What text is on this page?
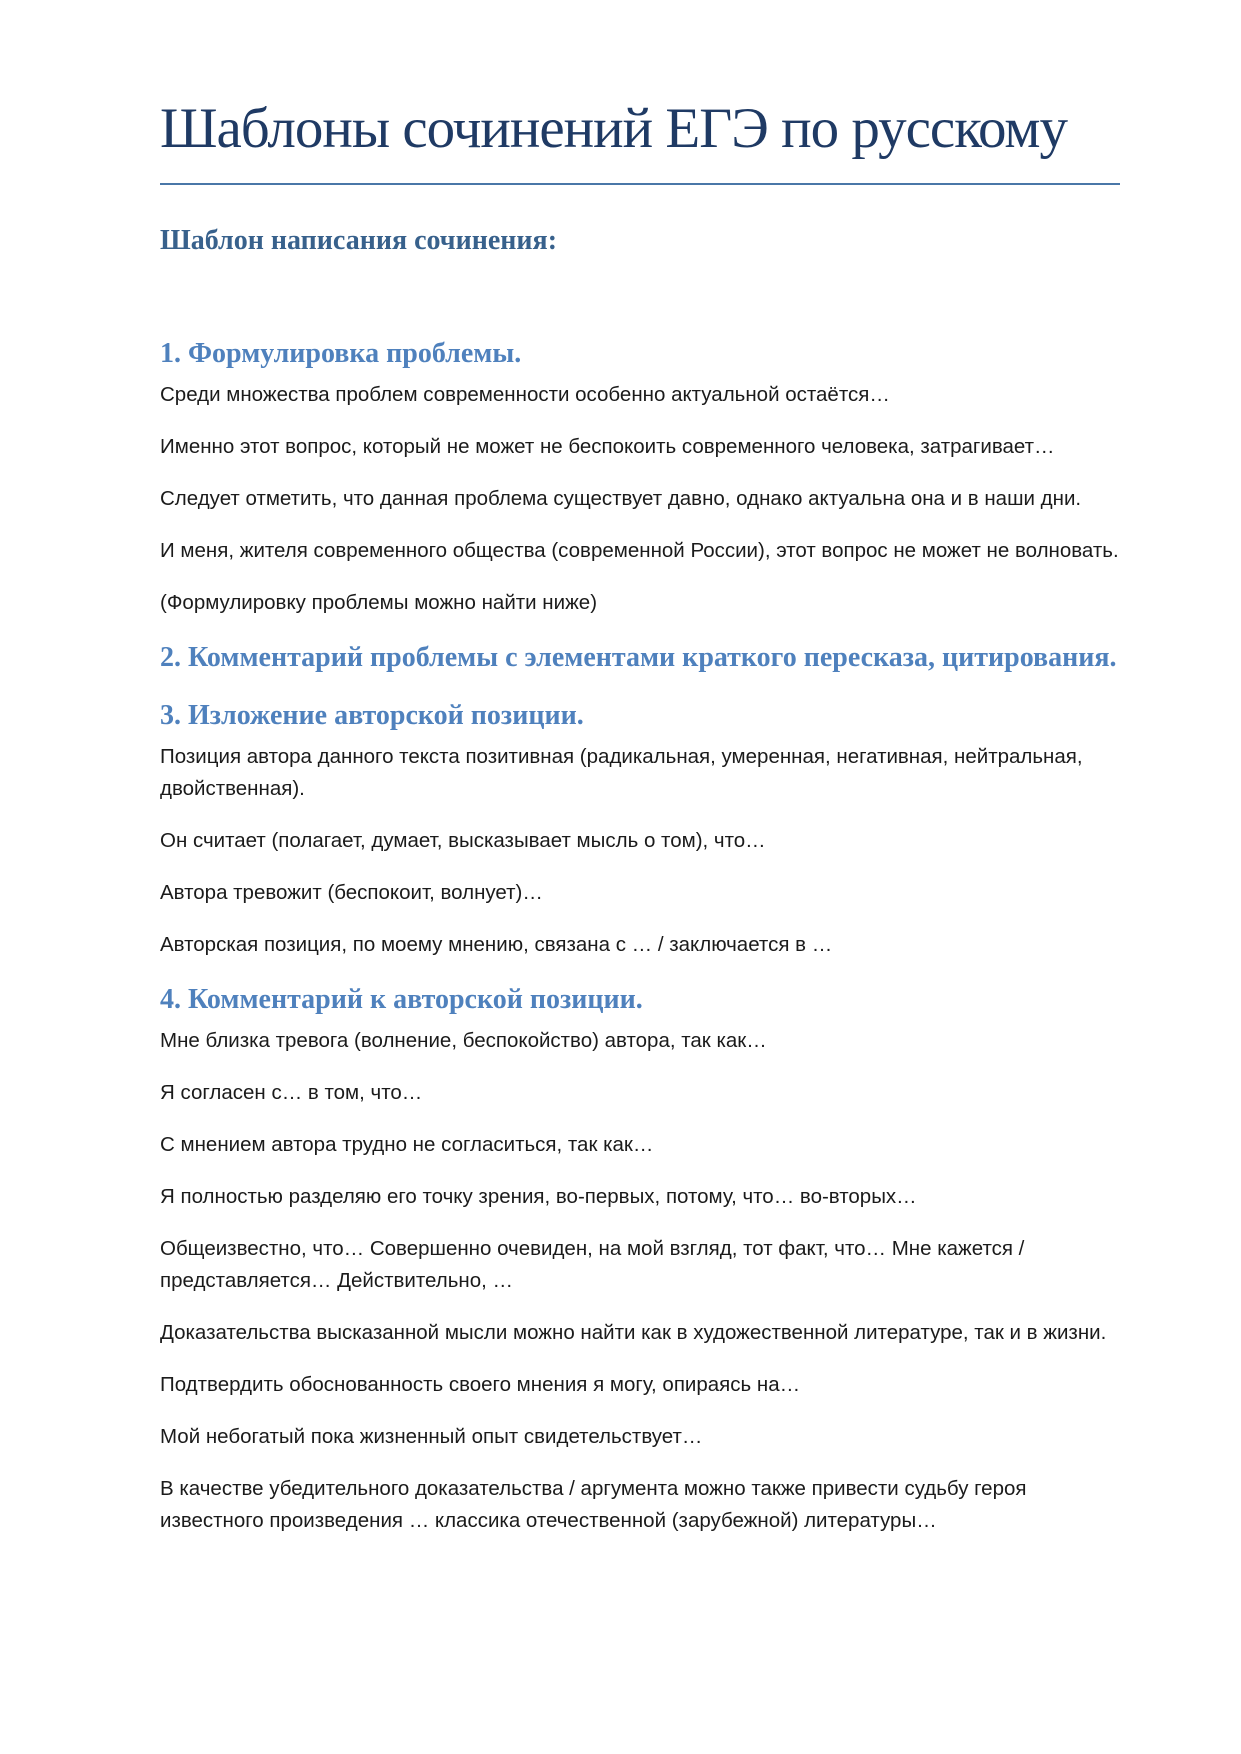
Шаблоны сочинений ЕГЭ по русскому
Шаблон написания сочинения:
1. Формулировка проблемы.

Среди множества проблем современности особенно актуальной остаётся…

Именно этот вопрос, который не может не беспокоить современного человека, затрагивает…

Следует отметить, что данная проблема существует давно, однако актуальна она и в наши дни.

И меня, жителя современного общества (современной России), этот вопрос не может не волновать.

(Формулировку проблемы можно найти ниже)

2. Комментарий проблемы с элементами краткого пересказа, цитирования.
3. Изложение авторской позиции.

Позиция автора данного текста позитивная (радикальная, умеренная, негативная, нейтральная, двойственная).

Он считает (полагает, думает, высказывает мысль о том), что…

Автора тревожит (беспокоит, волнует)…

Авторская позиция, по моему мнению, связана с … / заключается в …

4. Комментарий к авторской позиции.

Мне близка тревога (волнение, беспокойство) автора, так как…

Я согласен с… в том, что…

С мнением автора трудно не согласиться, так как…

Я полностью разделяю его точку зрения, во-первых, потому, что… во-вторых…

Общеизвестно, что… Совершенно очевиден, на мой взгляд, тот факт, что… Мне кажется / представляется… Действительно, …

Доказательства высказанной мысли можно найти как в художественной литературе, так и в жизни.

Подтвердить обоснованность своего мнения я могу, опираясь на…

Мой небогатый пока жизненный опыт свидетельствует…

В качестве убедительного доказательства / аргумента можно также привести судьбу героя известного произведения … классика отечественной (зарубежной) литературы…
